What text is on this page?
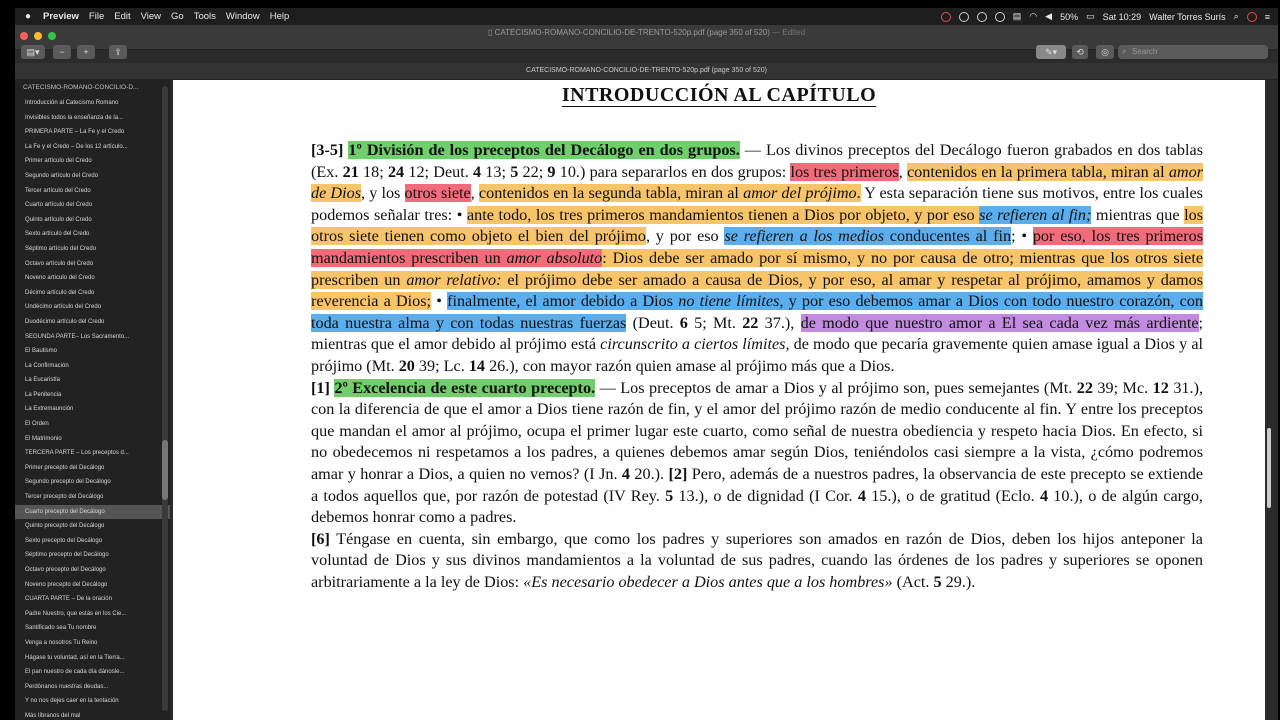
●	Preview File Edit View Go Tools Window Help	▤ ◠ ◀ 50% ▭ Sat 10:29 Walter Torres Surís ⌕	≡
▯ CATECISMO-ROMANO-CONCILIO-DE-TRENTO-520p.pdf (page 350 of 520) — Edited
▤▾	−	+	⇪	✎▾	⟲	◎
⌕	Search
CATECISMO-ROMANO-CONCILIO-DE-TRENTO-520p.pdf (page 350 of 520)
CATECISMO-ROMANO-CONCILIO-D...
Introducción al Catecismo Romano
Invisibles todos la enseñanza de la...
PRIMERA PARTE – La Fe y el Credo
La Fe y el Credo – De los 12 artículo...
Primer artículo del Credo
Segundo artículo del Credo
Tercer artículo del Credo
Cuarto artículo del Credo
Quinto artículo del Credo
Sexto artículo del Credo
Séptimo artículo del Credo
Octavo artículo del Credo
Noveno artículo del Credo
Décimo artículo del Credo
Undécimo artículo del Credo
Duodécimo artículo del Credo
SEGUNDA PARTE– Los Sacramento...
El Bautismo
La Confirmación
La Eucaristía
La Penitencia
La Extremaunción
El Orden
El Matrimonio
TERCERA PARTE – Los preceptos d...
Primer precepto del Decálogo
Segundo precepto del Decálogo
Tercer precepto del Decálogo
Cuarto precepto del Decálogo
Quinto precepto del Decálogo
Sexto precepto del Decálogo
Séptimo precepto del Decálogo
Octavo precepto del Decálogo
Noveno precepto del Decálogo
CUARTA PARTE – De la oración
Padre Nuestro, que estás en los Cie...
Santificado sea Tu nombre
Venga a nosotros Tu Reino
Hágase tu voluntad, así en la Tierra...
El pan nuestro de cada día dánosle...
Perdónanos nuestras deudas...
Y no nos dejes caer en la tentación
Más líbranos del mal
INTRODUCCIÓN AL CAPÍTULO

[3-5] 1º División de los preceptos del Decálogo en dos grupos. — Los divinos preceptos del Decálogo fueron grabados en dos tablas (Ex. 21 18; 24 12; Deut. 4 13; 5 22; 9 10.) para separarlos en dos grupos: los tres primeros, contenidos en la primera tabla, miran al amor de Dios, y los otros siete, contenidos en la segunda tabla, miran al amor del prójimo. Y esta separación tiene sus motivos, entre los cuales podemos señalar tres: • ante todo, los tres primeros mandamientos tienen a Dios por objeto, y por eso se refieren al fin; mientras que los otros siete tienen como objeto el bien del prójimo, y por eso se refieren a los medios conducentes al fin; • por eso, los tres primeros mandamientos prescriben un amor absoluto: Dios debe ser amado por sí mismo, y no por causa de otro; mientras que los otros siete prescriben un amor relativo: el prójimo debe ser amado a causa de Dios, y por eso, al amar y respetar al prójimo, amamos y damos reverencia a Dios; • finalmente, el amor debido a Dios no tiene límites, y por eso debemos amar a Dios con todo nuestro corazón, con toda nuestra alma y con todas nuestras fuerzas (Deut. 6 5; Mt. 22 37.), de modo que nuestro amor a El sea cada vez más ardiente; mientras que el amor debido al prójimo está circunscrito a ciertos límites, de modo que pecaría gravemente quien amase igual a Dios y al prójimo (Mt. 20 39; Lc. 14 26.), con mayor razón quien amase al prójimo más que a Dios.

[1] 2º Excelencia de este cuarto precepto. — Los preceptos de amar a Dios y al prójimo son, pues semejantes (Mt. 22 39; Mc. 12 31.), con la diferencia de que el amor a Dios tiene razón de fin, y el amor del prójimo razón de medio conducente al fin. Y entre los preceptos que mandan el amor al prójimo, ocupa el primer lugar este cuarto, como señal de nuestra obediencia y respeto hacia Dios. En efecto, si no obedecemos ni respetamos a los padres, a quienes debemos amar según Dios, teniéndolos casi siempre a la vista, ¿cómo podremos amar y honrar a Dios, a quien no vemos? (I Jn. 4 20.). [2] Pero, además de a nuestros padres, la observancia de este precepto se extiende a todos aquellos que, por razón de potestad (IV Rey. 5 13.), o de dignidad (I Cor. 4 15.), o de gratitud (Eclo. 4 10.), o de algún cargo, debemos honrar como a padres.

[6] Téngase en cuenta, sin embargo, que como los padres y superiores son amados en razón de Dios, deben los hijos anteponer la voluntad de Dios y sus divinos mandamientos a la voluntad de sus padres, cuando las órdenes de los padres y superiores se oponen arbitrariamente a la ley de Dios: «Es necesario obedecer a Dios antes que a los hombres» (Act. 5 29.).
